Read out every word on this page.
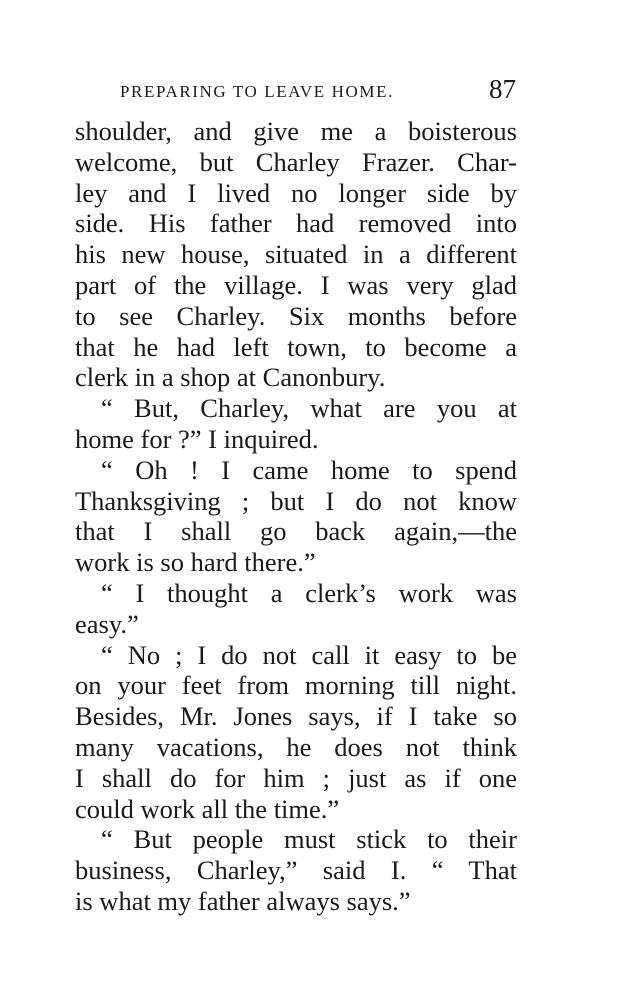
PREPARING TO LEAVE HOME.	87
shoulder, and give me a boisterous
welcome, but Charley Frazer. Char-
ley and I lived no longer side by
side. His father had removed into
his new house, situated in a different
part of the village. I was very glad
to see Charley. Six months before
that he had left town, to become a
clerk in a shop at Canonbury.
“ But, Charley, what are you at
home for ?” I inquired.
“ Oh ! I came home to spend
Thanksgiving ; but I do not know
that I shall go back again,—the
work is so hard there.”
“ I thought a clerk’s work was
easy.”
“ No ; I do not call it easy to be
on your feet from morning till night.
Besides, Mr. Jones says, if I take so
many vacations, he does not think
I shall do for him ; just as if one
could work all the time.”
“ But people must stick to their
business, Charley,” said I. “ That
is what my father always says.”
